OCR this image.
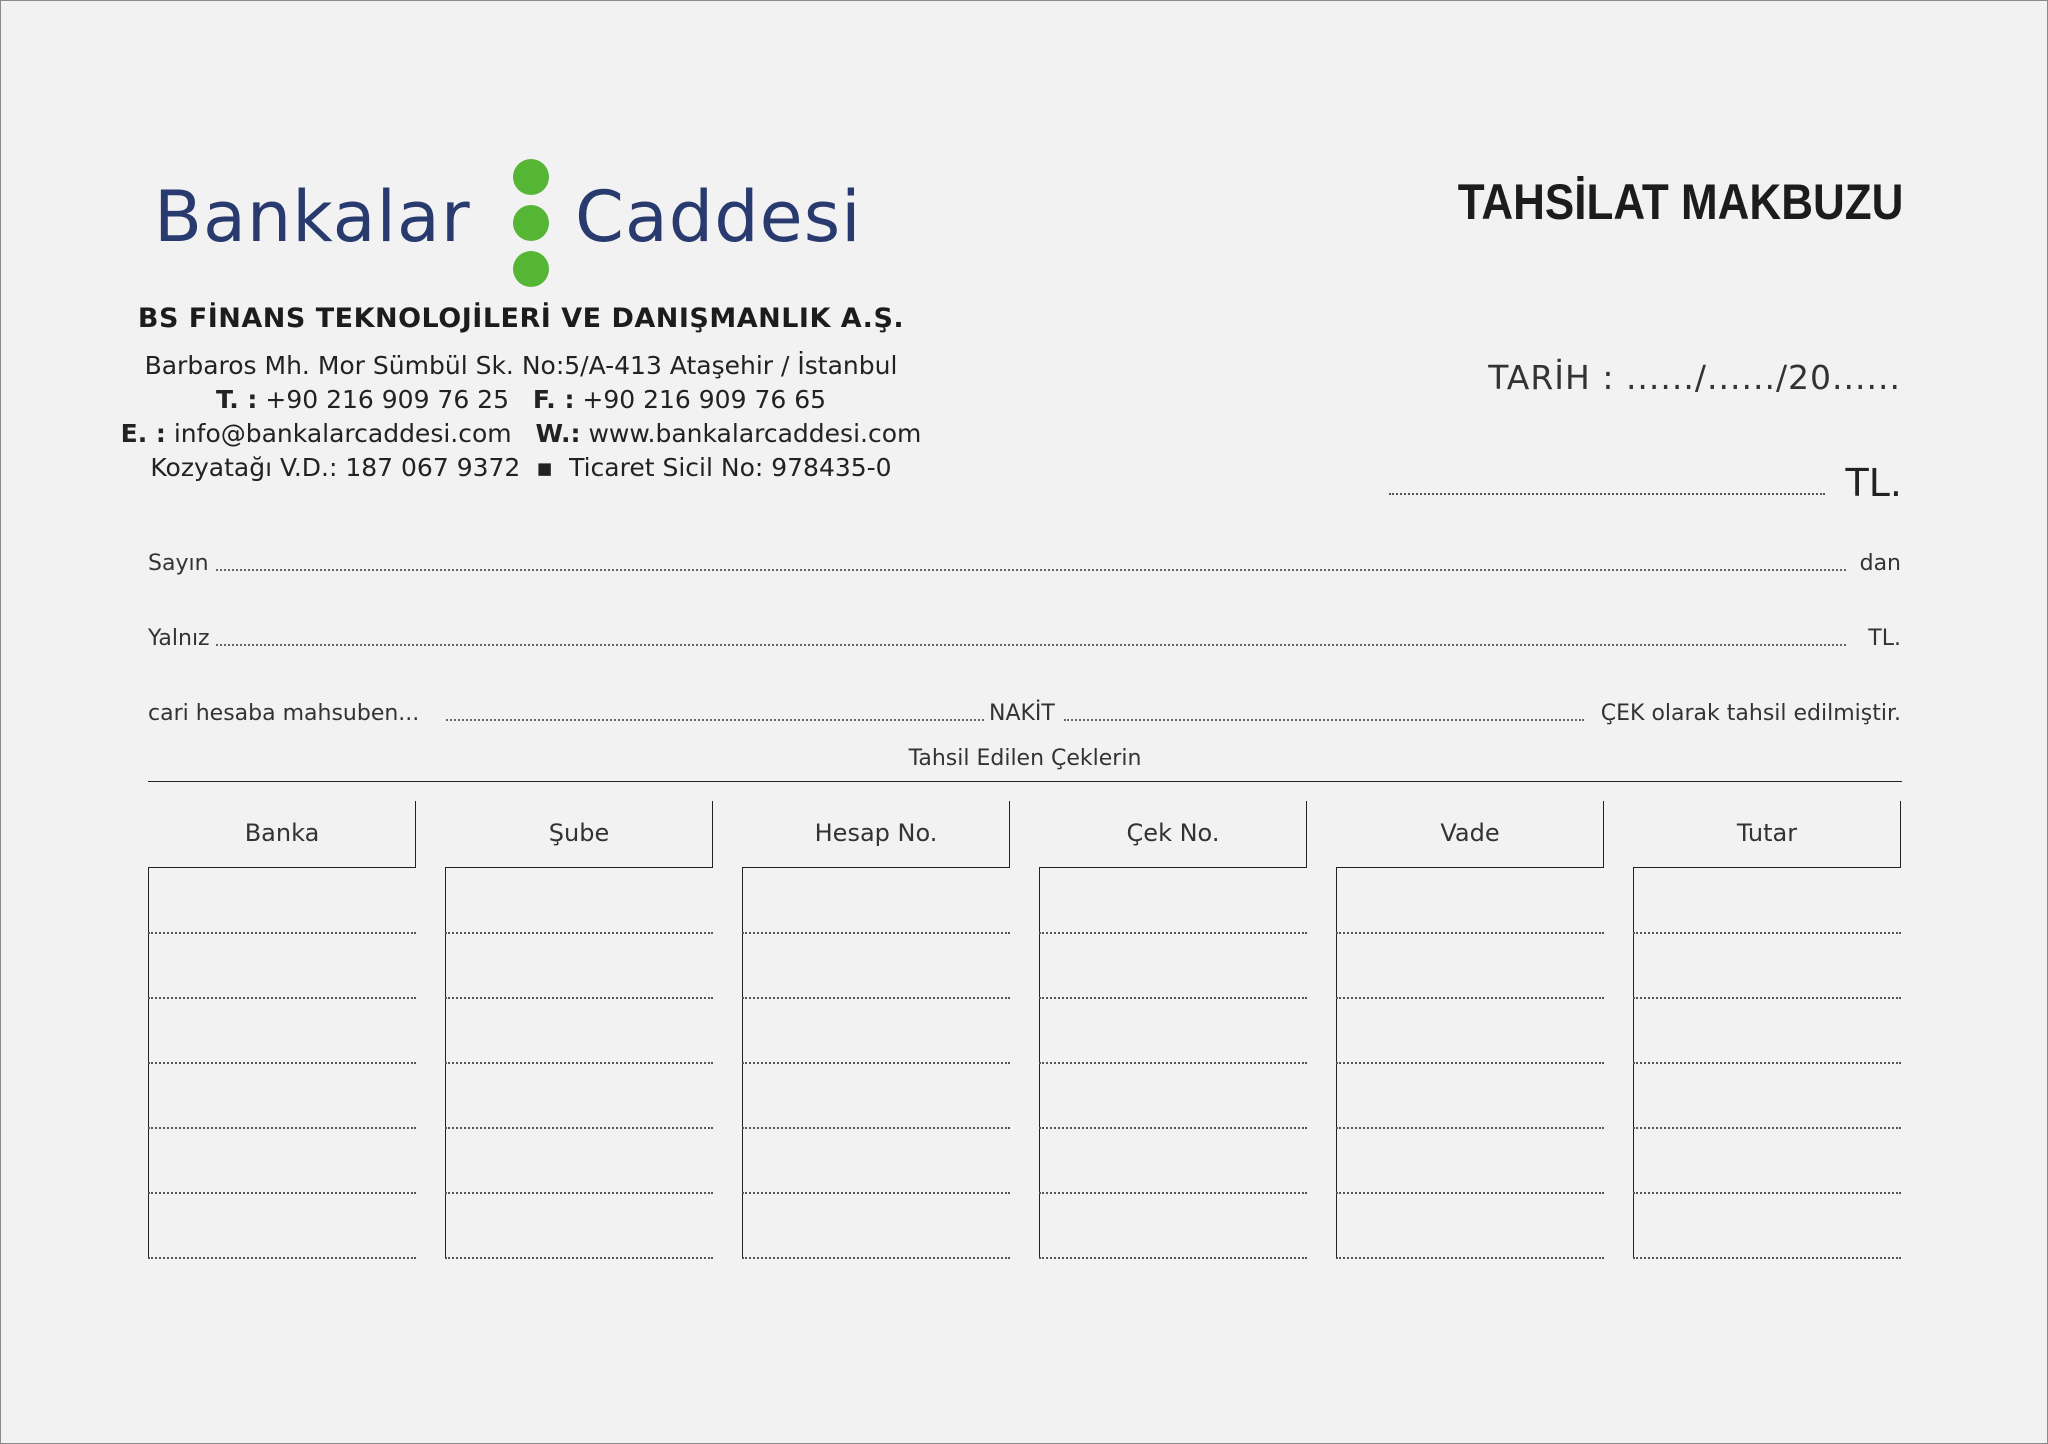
Bankalar Caddesi
BS FİNANS TEKNOLOJİLERİ VE DANIŞMANLIK A.Ş.
Barbaros Mh. Mor Sümbül Sk. No:5/A-413 Ataşehir / İstanbul
T. : +90 216 909 76 25 F. : +90 216 909 76 65
E. : info@bankalarcaddesi.com W.: www.bankalarcaddesi.com
Kozyatağı V.D.: 187 067 9372 ▪ Ticaret Sicil No: 978435-0
TAHSİLAT MAKBUZU
TARİH : ....../....../20......
TL.
Sayın	dan
Yalnız	TL.
cari hesaba mahsuben...	NAKİT	ÇEK olarak tahsil edilmiştir.
Tahsil Edilen Çeklerin
Banka	Şube	Hesap No.	Çek No.	Vade	Tutar
